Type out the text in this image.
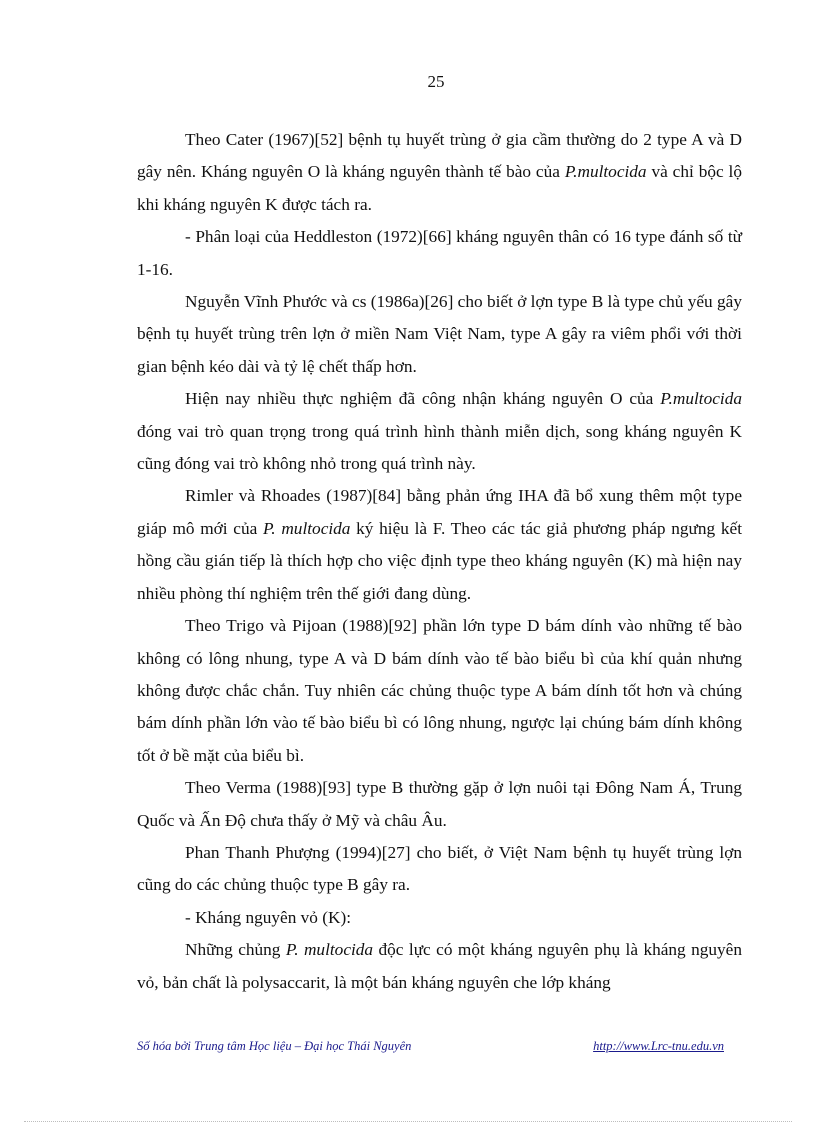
25

Theo Cater (1967)[52] bệnh tụ huyết trùng ở gia cầm thường do 2 type A và D gây nên. Kháng nguyên O là kháng nguyên thành tế bào của P.multocida và chỉ bộc lộ khi kháng nguyên K được tách ra.

- Phân loại của Heddleston (1972)[66] kháng nguyên thân có 16 type đánh số từ 1-16.

Nguyễn Vĩnh Phước và cs (1986a)[26] cho biết ở lợn type B là type chủ yếu gây bệnh tụ huyết trùng trên lợn ở miền Nam Việt Nam, type A gây ra viêm phổi với thời gian bệnh kéo dài và tỷ lệ chết thấp hơn.

Hiện nay nhiều thực nghiệm đã công nhận kháng nguyên O của P.multocida đóng vai trò quan trọng trong quá trình hình thành miễn dịch, song kháng nguyên K cũng đóng vai trò không nhỏ trong quá trình này.

Rimler và Rhoades (1987)[84] bằng phản ứng IHA đã bổ xung thêm một type giáp mô mới của P. multocida ký hiệu là F. Theo các tác giả phương pháp ngưng kết hồng cầu gián tiếp là thích hợp cho việc định type theo kháng nguyên (K) mà hiện nay nhiều phòng thí nghiệm trên thế giới đang dùng.

Theo Trigo và Pijoan (1988)[92] phần lớn type D bám dính vào những tế bào không có lông nhung, type A và D bám dính vào tế bào biểu bì của khí quản nhưng không được chắc chắn. Tuy nhiên các chủng thuộc type A bám dính tốt hơn và chúng bám dính phần lớn vào tế bào biểu bì có lông nhung, ngược lại chúng bám dính không tốt ở bề mặt của biểu bì.

Theo Verma (1988)[93] type B thường gặp ở lợn nuôi tại Đông Nam Á, Trung Quốc và Ấn Độ chưa thấy ở Mỹ và châu Âu.

Phan Thanh Phượng (1994)[27] cho biết, ở Việt Nam bệnh tụ huyết trùng lợn cũng do các chủng thuộc type B gây ra.

- Kháng nguyên vỏ (K):

Những chủng P. multocida độc lực có một kháng nguyên phụ là kháng nguyên vỏ, bản chất là polysaccarit, là một bán kháng nguyên che lớp kháng

Số hóa bởi Trung tâm Học liệu – Đại học Thái Nguyên	http://www.Lrc-tnu.edu.vn
